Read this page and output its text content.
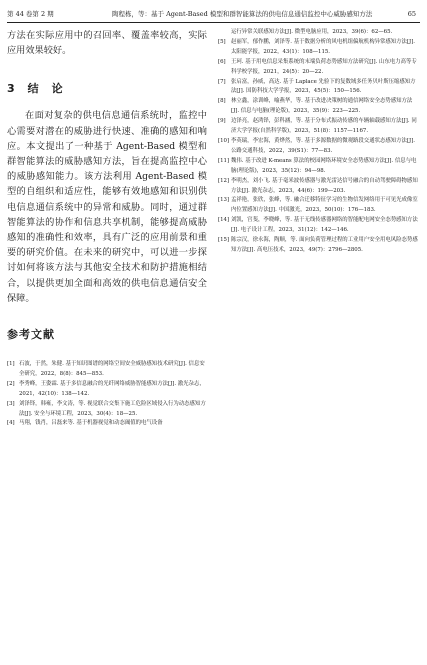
第 44 卷第 2 期	陶程栋，等：基于 Agent-Based 模型和群智能算法的供电信息通信监控中心威胁感知方法	65

方法在实际应用中的召回率、覆盖率较高，实际应用效果较好。

3　结　论

在面对复杂的供电信息通信系统时，监控中心需要对潜在的威胁进行快速、准确的感知和响应。本文提出了一种基于 Agent-Based 模型和群智能算法的威胁感知方法，旨在提高监控中心的威胁感知能力。该方法利用 Agent-Based 模型的自组织和适应性，能够有效地感知和识别供电信息通信系统中的异常和威胁。同时，通过群智能算法的协作和信息共享机制，能够提高威胁感知的准确性和效率，具有广泛的应用前景和重要的研究价值。在未来的研究中，可以进一步探讨如何将该方法与其他安全技术和防护措施相结合，以提供更加全面和高效的供电信息通信安全保障。

参考文献
[1] 石波，于然，朱健. 基于知识图谱的网络空间安全威胁感知技术研究[J]. 信息安全研究，2022，8(8)：845—853.
[2] 李秀峰，王姿霖. 基于多信息融合的光纤网络威胁智能感知方法[J]. 激光杂志，2021，42(10)：138—142.
[3] 刘泽铎，韩雍，李文涛，等. 视觉联合交集下施工危险区域侵入行为动态感知方法[J]. 安全与环境工程，2023，30(4)：18—25.
[4] 马翔，钱肖，吕磊来等. 基于机器视觉和动态阈值的电气设备

运行异常关联感知方法[J]. 微型电脑应用，2023，39(6)：62—65.

[5] 赵丽军，郁作鹏，刘泽等. 基于数据分析的风电机组偏航机构异常感知方法[J]. 太阳能学报，2022，43(1)：108—115.
[6] 王珂. 基于用电信息采集系统的末端负荷态势感知方法研究[J]. 山东电力高等专科学校学报，2021，24(5)：20—22.
[7] 张启富，孙威，高达. 基于 Laplace 先验下的复数域多任务贝叶斯压缩感知方法[J]. 国防科技大学学报，2023，45(5)：150—156.
[8] 林立鑫，涂训峰，喻燕华，等. 基于改进决策树的通信网络安全态势感知方法[J]. 信息与电脑(理论版)，2023，35(9)：223—225.
[9] 边泽亮，赵鸿铎，彭科涵，等. 基于分布式振动传感的车辆轴载感知方法[J]. 同济大学学报(自然科学版)，2023，51(8)：1157—1167.
[10] 李英瑞，李宏海，黄烨然，等. 基于多源数据的微观路段交通状态感知方法[J]. 公路交通科技，2022，39(S1)：77—83.
[11] 魏伟. 基于改进 K-means 算法的校园网络环境安全态势感知方法[J]. 信息与电脑(理论版)，2023，35(12)：94—98.
[12] 李明杰，刘小飞. 基于毫米波传感器与激光雷达信号融合的自动驾驶障碍物感知方法[J]. 激光杂志，2023，44(6)：199—203.
[13] 孟祥艳，张欣，张峰，等. 融合迁移特征学习的生物信发网络用于可见光成像室内位置感知方法[J]. 中国激光，2023，50(10)：176—183.
[14] 刘凯，宫斐，李晓峰，等. 基于无线传感器网络的智能配电网安全态势感知方法[J]. 电子设计工程，2023，31(12)：142—146.
[15] 陈宗汉，徐永海，陶顺，等. 面向负荷管理过程的工业用户安全用电风险态势感知方法[J]. 高电压技术，2023，49(7)：2796—2805.
